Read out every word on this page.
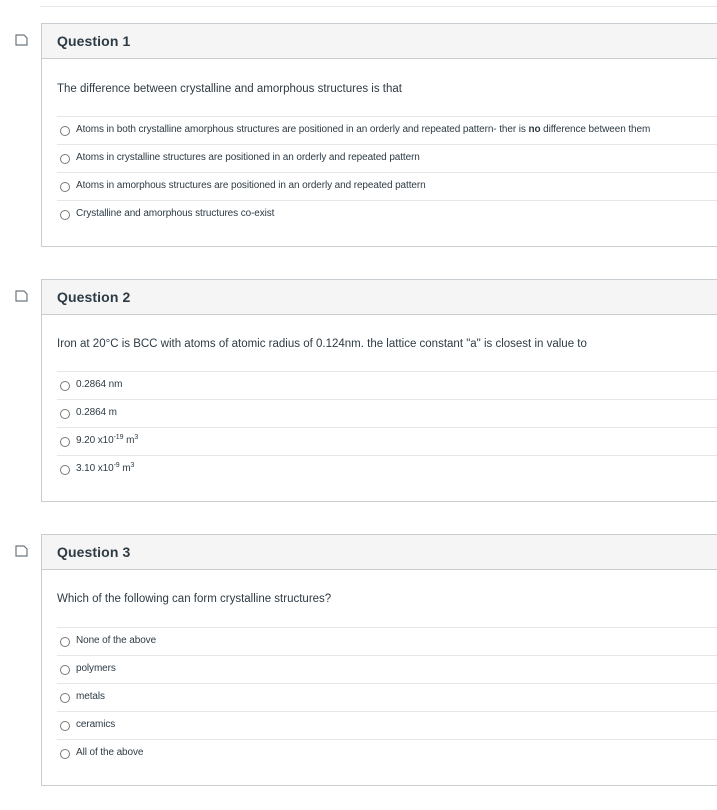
Question 1
The difference between crystalline and amorphous structures is that
Atoms in both crystalline amorphous structures are positioned in an orderly and repeated pattern- ther is no difference between them
Atoms in crystalline structures are positioned in an orderly and repeated pattern
Atoms in amorphous structures are positioned in an orderly and repeated pattern
Crystalline and amorphous structures co-exist
Question 2
Iron at 20°C is BCC with atoms of atomic radius of 0.124nm. the lattice constant "a" is closest in value to
0.2864 nm
0.2864 m
9.20 $x10^{-19}$ $m^3$
3.10 $x10^{-9}$ $m^3$
Question 3
Which of the following can form crystalline structures?
None of the above
polymers
metals
ceramics
All of the above
